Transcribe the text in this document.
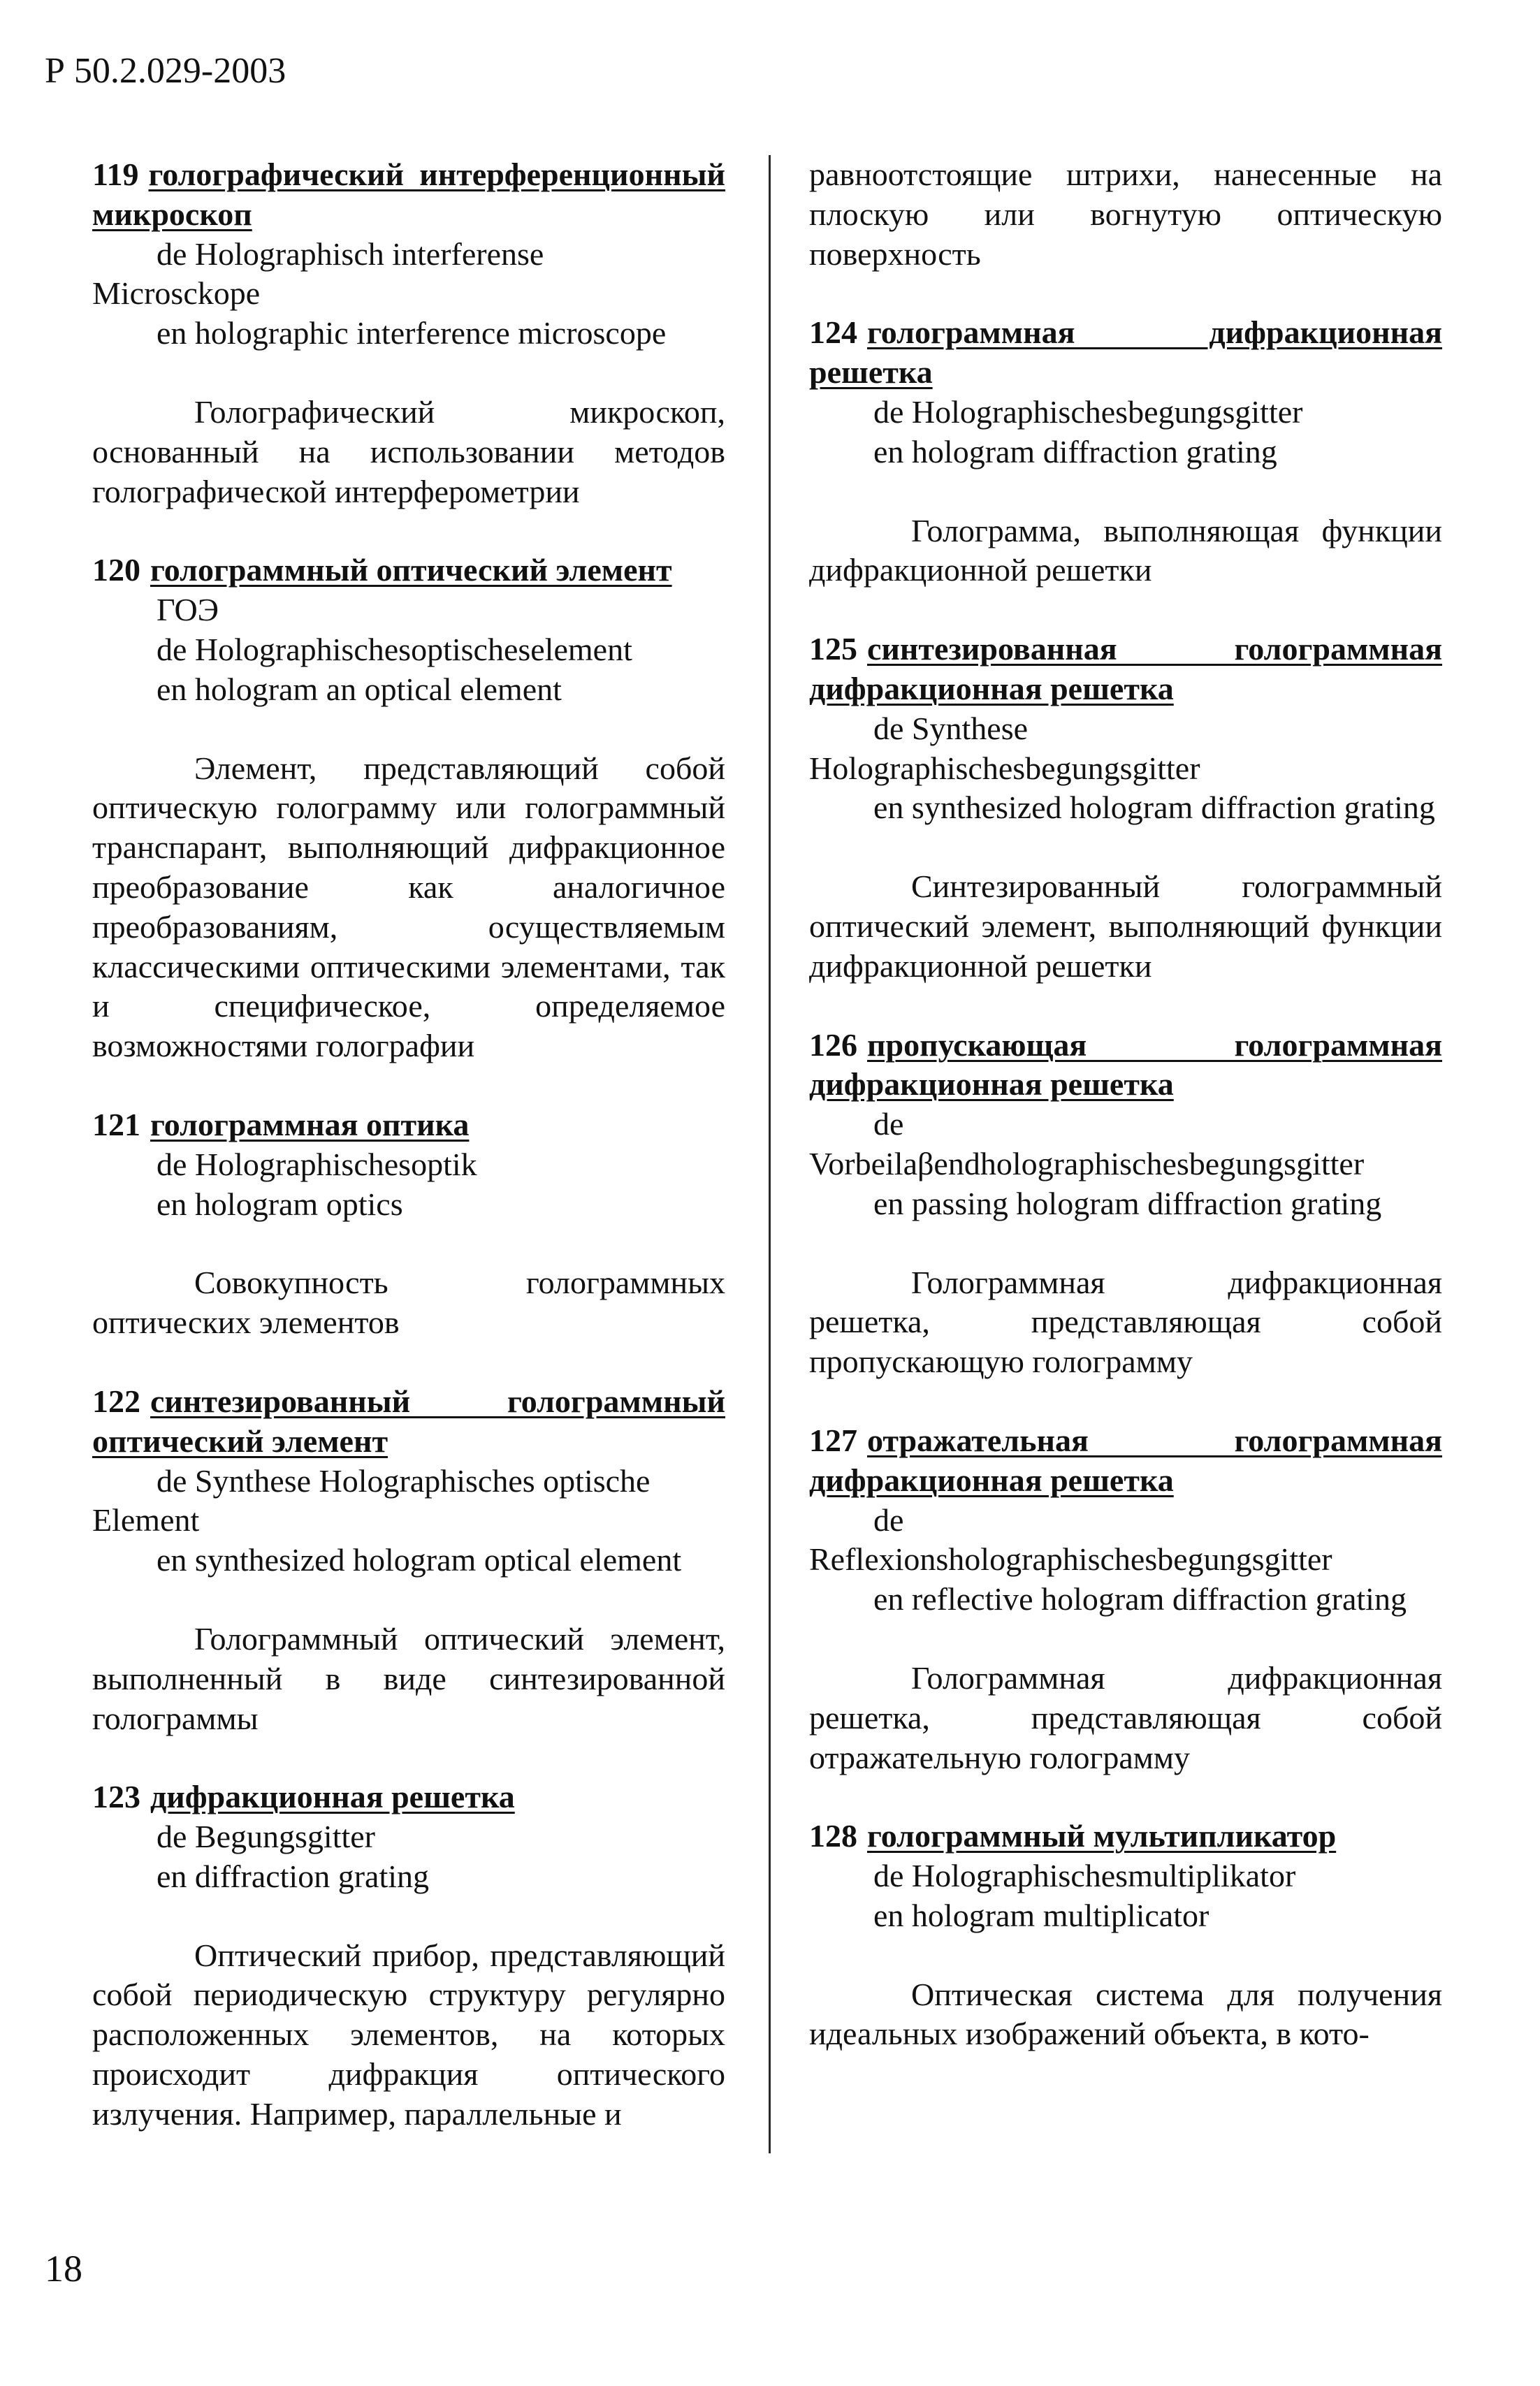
Р 50.2.029-2003
119 голографический интерференционный микроскоп
de Holographisch interferense
Microsckope
en holographic interference microscope
Голографический микроскоп, основанный на использовании методов голографической интерферометрии
120 голограммный оптический элемент
ГОЭ
de Holographischesoptischeselement
en hologram an optical element
Элемент, представляющий собой оптическую голограмму или голограммный транспарант, выполняющий дифракционное преобразование как аналогичное преобразованиям, осуществляемым классическими оптическими элементами, так и специфическое, определяемое возможностями голографии
121 голограммная оптика
de Holographischesoptik
en hologram optics
Совокупность голограммных оптических элементов
122 синтезированный голограммный оптический элемент
de Synthese Holographisches optische
Element
en synthesized hologram optical element
Голограммный оптический элемент, выполненный в виде синтезированной голограммы
123 дифракционная решетка
de Begungsgitter
en diffraction grating
Оптический прибор, представляющий собой периодическую структуру регулярно расположенных элементов, на которых происходит дифракция оптического излучения. Например, параллельные и
равноотстоящие штрихи, нанесенные на плоскую или вогнутую оптическую поверхность
124 голограммная дифракционная решетка
de Holographischesbegungsgitter
en hologram diffraction grating
Голограмма, выполняющая функции дифракционной решетки
125 синтезированная голограммная дифракционная решетка
de Synthese
Holographischesbegungsgitter
en synthesized hologram diffraction grating
Синтезированный голограммный оптический элемент, выполняющий функции дифракционной решетки
126 пропускающая голограммная дифракционная решетка
de
Vorbeilaβendholographischesbegungsgitter
en passing hologram diffraction grating
Голограммная дифракционная решетка, представляющая собой пропускающую голограмму
127 отражательная голограммная дифракционная решетка
de
Reflexionsholographischesbegungsgitter
en reflective hologram diffraction grating
Голограммная дифракционная решетка, представляющая собой отражательную голограмму
128 голограммный мультипликатор
de Holographischesmultiplikator
en hologram multiplicator
Оптическая система для получения идеальных изображений объекта, в кото-
18
